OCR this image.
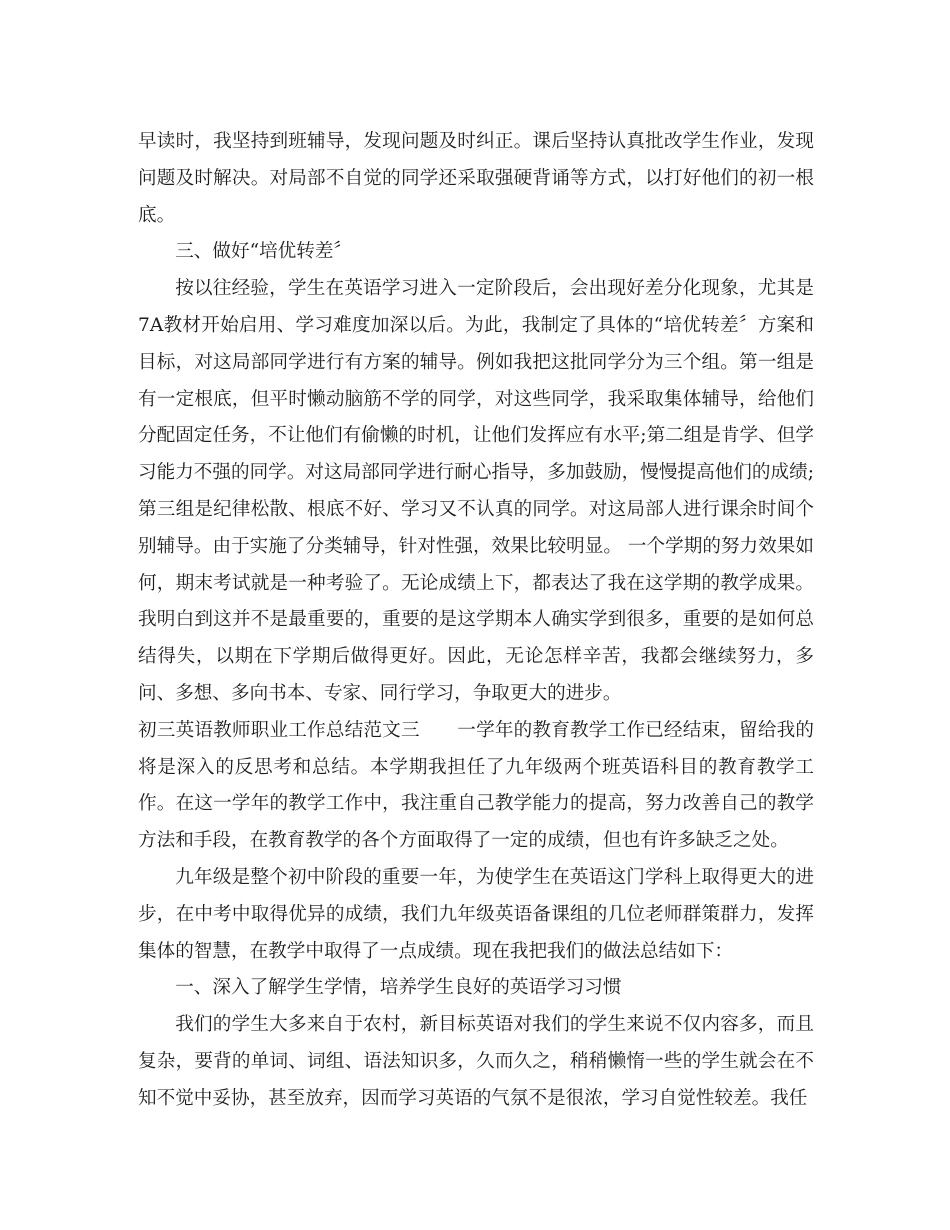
早读时，我坚持到班辅导，发现问题及时纠正。课后坚持认真批改学生作业，发现问题及时解决。对局部不自觉的同学还采取强硬背诵等方式，以打好他们的初一根底。

三、做好“培优转差〞

按以往经验，学生在英语学习进入一定阶段后，会出现好差分化现象，尤其是7A教材开始启用、学习难度加深以后。为此，我制定了具体的“培优转差〞方案和目标，对这局部同学进行有方案的辅导。例如我把这批同学分为三个组。第一组是有一定根底，但平时懒动脑筋不学的同学，对这些同学，我采取集体辅导，给他们分配固定任务，不让他们有偷懒的时机，让他们发挥应有水平;第二组是肯学、但学习能力不强的同学。对这局部同学进行耐心指导，多加鼓励，慢慢提高他们的成绩;第三组是纪律松散、根底不好、学习又不认真的同学。对这局部人进行课余时间个别辅导。由于实施了分类辅导，针对性强，效果比较明显。 一个学期的努力效果如何，期末考试就是一种考验了。无论成绩上下，都表达了我在这学期的教学成果。我明白到这并不是最重要的，重要的是这学期本人确实学到很多，重要的是如何总结得失，以期在下学期后做得更好。因此，无论怎样辛苦，我都会继续努力，多问、多想、多向书本、专家、同行学习，争取更大的进步。

初三英语教师职业工作总结范文三　　一学年的教育教学工作已经结束，留给我的将是深入的反思考和总结。本学期我担任了九年级两个班英语科目的教育教学工作。在这一学年的教学工作中，我注重自己教学能力的提高，努力改善自己的教学方法和手段，在教育教学的各个方面取得了一定的成绩，但也有许多缺乏之处。

九年级是整个初中阶段的重要一年，为使学生在英语这门学科上取得更大的进步，在中考中取得优异的成绩，我们九年级英语备课组的几位老师群策群力，发挥集体的智慧，在教学中取得了一点成绩。现在我把我们的做法总结如下：

一、深入了解学生学情，培养学生良好的英语学习习惯

我们的学生大多来自于农村，新目标英语对我们的学生来说不仅内容多，而且复杂，要背的单词、词组、语法知识多，久而久之，稍稍懒惰一些的学生就会在不知不觉中妥协，甚至放弃，因而学习英语的气氛不是很浓，学习自觉性较差。我任
